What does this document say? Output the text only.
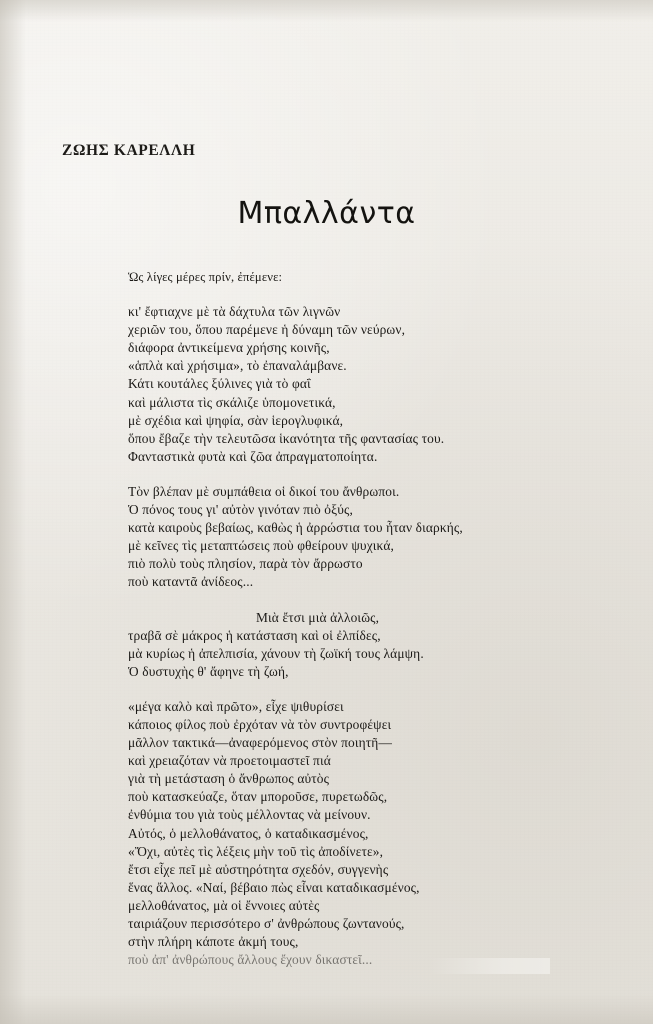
ΖΩΗΣ ΚΑΡΕΛΛΗ
Μπαλλάντα
Ὡς λίγες μέρες πρίν, ἐπέμενε:
κι' ἔφτιαχνε μὲ τὰ δάχτυλα τῶν λιγνῶν
χεριῶν του, ὅπου παρέμενε ἡ δύναμη τῶν νεύρων,
διάφορα ἀντικείμενα χρήσης κοινῆς,
«ἁπλὰ καὶ χρήσιμα», τὸ ἐπαναλάμβανε.
Κάτι κουτάλες ξύλινες γιὰ τὸ φαΐ
καὶ μάλιστα τὶς σκάλιζε ὑπομονετικά,
μὲ σχέδια καὶ ψηφία, σὰν ἱερογλυφικά,
ὅπου ἔβαζε τὴν τελευτῶσα ἱκανότητα τῆς φαντασίας του.
Φανταστικὰ φυτὰ καὶ ζῶα ἀπραγματοποίητα.
Τὸν βλέπαν μὲ συμπάθεια οἱ δικοί του ἄνθρωποι.
Ὁ πόνος τους γι' αὐτὸν γινόταν πιὸ ὀξύς,
κατὰ καιροὺς βεβαίως, καθὼς ἡ ἀρρώστια του ἦταν διαρκής,
μὲ κεῖνες τὶς μεταπτώσεις ποὺ φθείρουν ψυχικά,
πιὸ πολὺ τοὺς πλησίον, παρὰ τὸν ἄρρωστο
ποὺ καταντᾶ ἀνίδεος...
Μιὰ ἔτσι μιὰ ἀλλοιῶς,
τραβᾶ σὲ μάκρος ἡ κατάσταση καὶ οἱ ἐλπίδες,
μὰ κυρίως ἡ ἀπελπισία, χάνουν τὴ ζωϊκή τους λάμψη.
Ὁ δυστυχὴς θ' ἄφηνε τὴ ζωή,
«μέγα καλὸ καὶ πρῶτο», εἶχε ψιθυρίσει
κάποιος φίλος ποὺ ἐρχόταν νὰ τὸν συντροφέψει
μᾶλλον τακτικά—ἀναφερόμενος στὸν ποιητῆ—
καὶ χρειαζόταν νὰ προετοιμαστεῖ πιά
γιὰ τὴ μετάσταση ὁ ἄνθρωπος αὐτὸς
ποὺ κατασκεύαζε, ὅταν μποροῦσε, πυρετωδῶς,
ἐνθύμια του γιὰ τοὺς μέλλοντας νὰ μείνουν.
Αὐτός, ὁ μελλοθάνατος, ὁ καταδικασμένος,
«Ὄχι, αὐτὲς τὶς λέξεις μὴν τοῦ τὶς ἀποδίνετε»,
ἔτσι εἶχε πεῖ μὲ αὐστηρότητα σχεδόν, συγγενὴς
ἕνας ἄλλος. «Ναί, βέβαιο πὼς εἶναι καταδικασμένος,
μελλοθάνατος, μὰ οἱ ἔννοιες αὐτὲς
ταιριάζουν περισσότερο σ' ἀνθρώπους ζωντανούς,
στὴν πλήρη κάποτε ἀκμή τους,
ποὺ ἀπ' ἀνθρώπους ἄλλους ἔχουν δικαστεῖ...
